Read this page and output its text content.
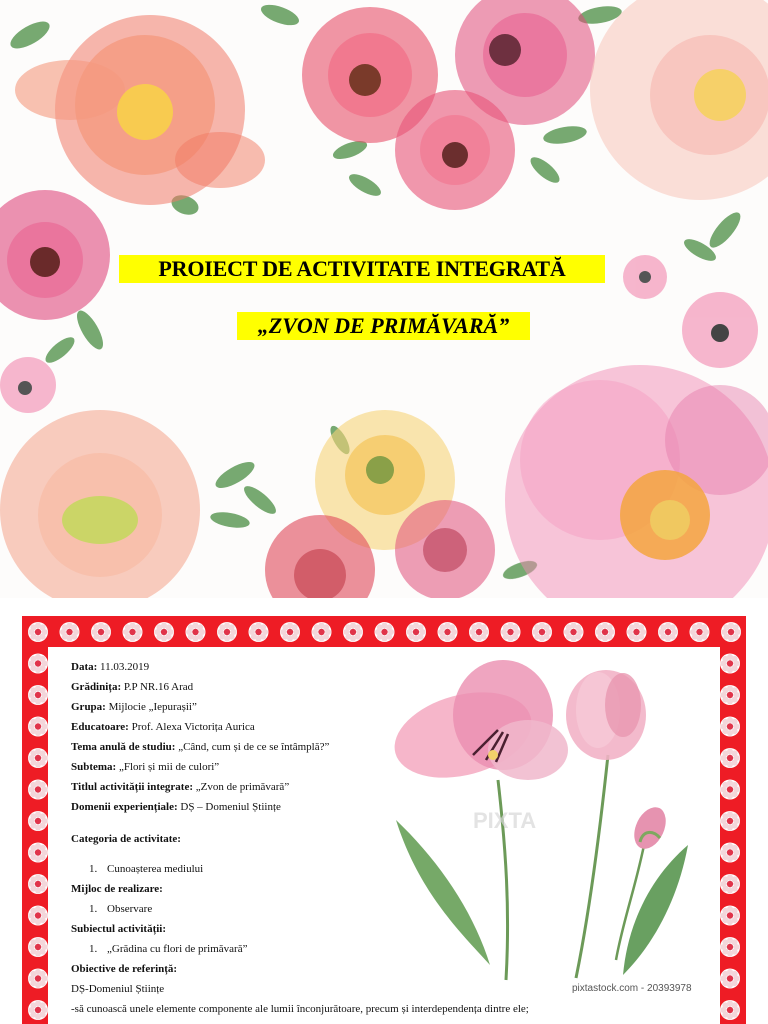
PROIECT DE ACTIVITATE INTEGRATĂ
„ZVON DE PRIMĂVARĂ”
PIXTA
Data: 11.03.2019
Grădinița: P.P NR.16 Arad
Grupa: Mijlocie „Iepurașii”
Educatoare: Prof. Alexa Victorița Aurica
Tema anulă de studiu: „Când, cum și de ce se întâmplă?”
Subtema: „Flori și mii de culori”
Titlul activității integrate: „Zvon de primăvară”
Domenii experiențiale: DȘ – Domeniul Științe
Categoria de activitate:
1. Cunoașterea mediului
Mijloc de realizare:
1. Observare
Subiectul activității:
1. „Grădina cu flori de primăvară”
Obiective de referință:
DȘ-Domeniul Științe
-să cunoască unele elemente componente ale lumii înconjurătoare, precum și interdependența dintre ele;
pixtastock.com - 20393978
